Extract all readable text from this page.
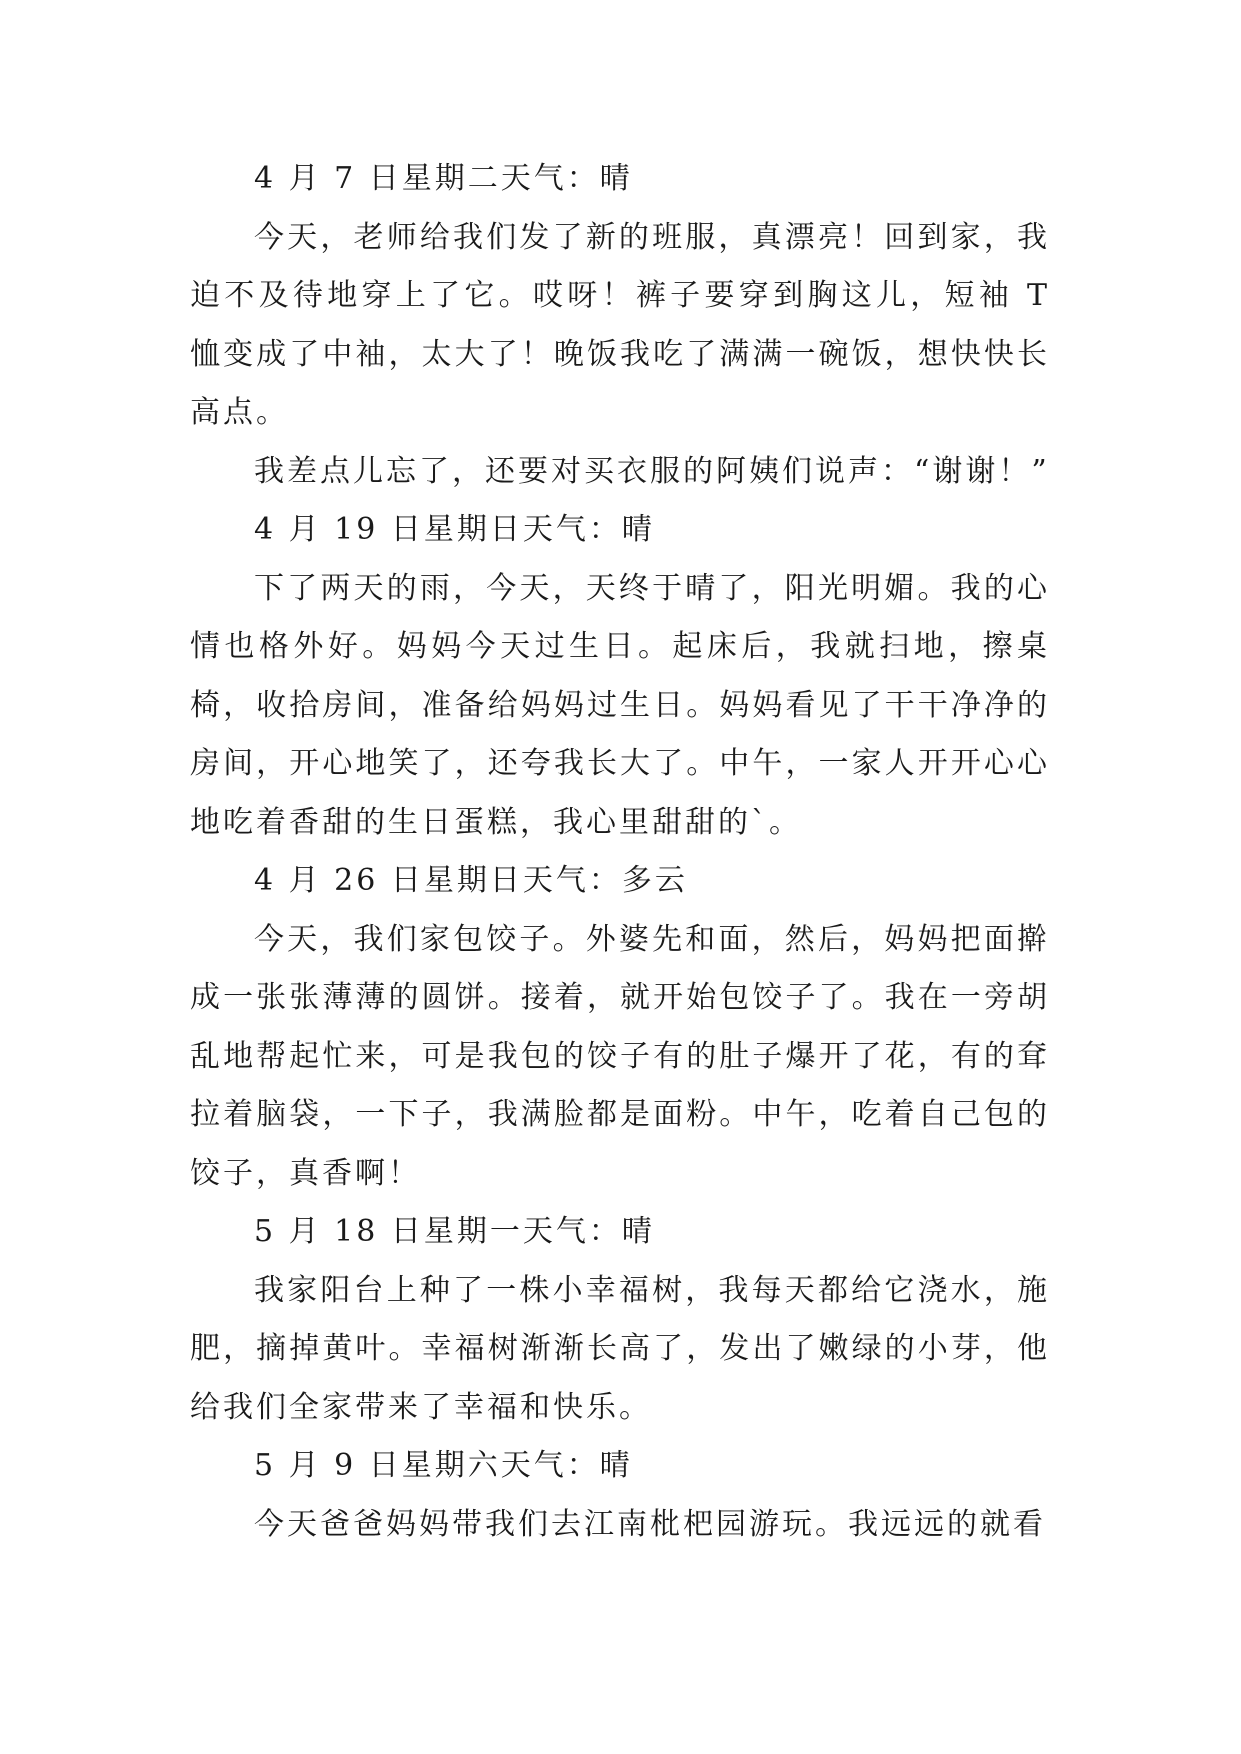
4 月 7 日星期二天气：晴

今天，老师给我们发了新的班服，真漂亮！回到家，我迫不及待地穿上了它。哎呀！裤子要穿到胸这儿，短袖 T 恤变成了中袖，太大了！晚饭我吃了满满一碗饭，想快快长高点。

我差点儿忘了，还要对买衣服的阿姨们说声：“谢谢！”

4 月 19 日星期日天气：晴

下了两天的雨，今天，天终于晴了，阳光明媚。我的心情也格外好。妈妈今天过生日。起床后，我就扫地，擦桌椅，收拾房间，准备给妈妈过生日。妈妈看见了干干净净的房间，开心地笑了，还夸我长大了。中午，一家人开开心心地吃着香甜的生日蛋糕，我心里甜甜的`。

4 月 26 日星期日天气：多云

今天，我们家包饺子。外婆先和面，然后，妈妈把面擀成一张张薄薄的圆饼。接着，就开始包饺子了。我在一旁胡乱地帮起忙来，可是我包的饺子有的肚子爆开了花，有的耷拉着脑袋，一下子，我满脸都是面粉。中午，吃着自己包的饺子，真香啊！

5 月 18 日星期一天气：晴

我家阳台上种了一株小幸福树，我每天都给它浇水，施肥，摘掉黄叶。幸福树渐渐长高了，发出了嫩绿的小芽，他给我们全家带来了幸福和快乐。

5 月 9 日星期六天气：晴

今天爸爸妈妈带我们去江南枇杷园游玩。我远远的就看
